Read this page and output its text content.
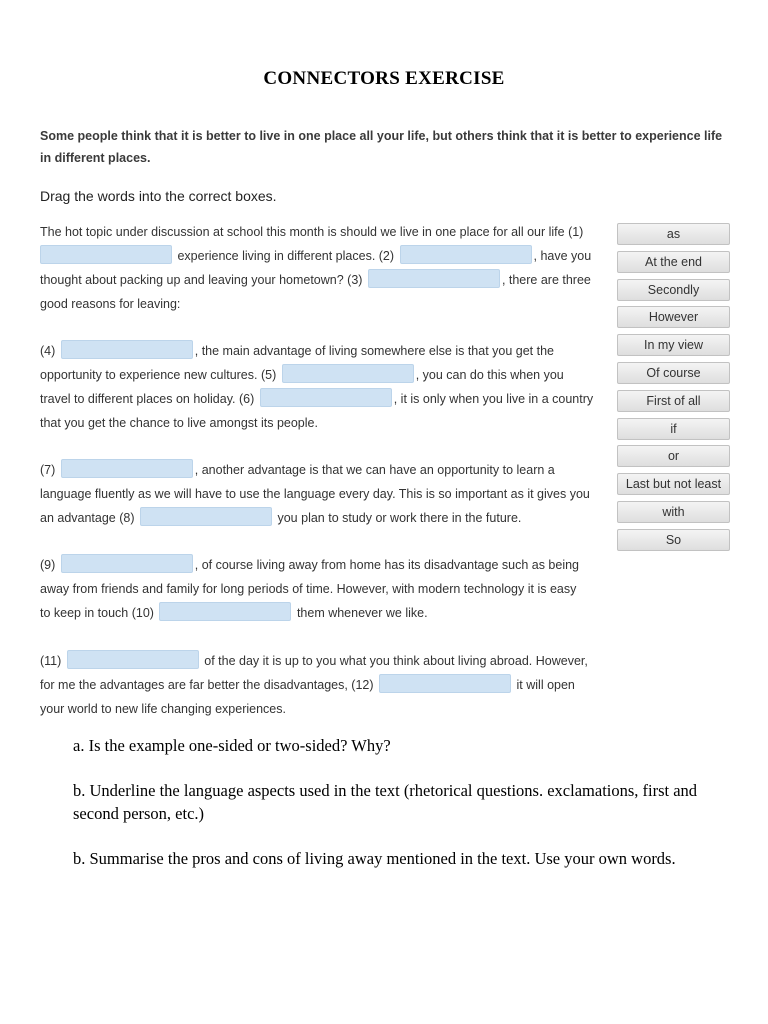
CONNECTORS EXERCISE
Some people think that it is better to live in one place all your life, but others think that it is better to experience life in different places.
Drag the words into the correct boxes.
The hot topic under discussion at school this month is should we live in one place for all our life (1)
experience living in different places. (2)	, have you
thought about packing up and leaving your hometown? (3)	, there are three
good reasons for leaving:
(4)	, the main advantage of living somewhere else is that you get the
opportunity to experience new cultures. (5)	, you can do this when you
travel to different places on holiday. (6)	, it is only when you live in a country
that you get the chance to live amongst its people.
(7)	, another advantage is that we can have an opportunity to learn a
language fluently as we will have to use the language every day. This is so important as it gives you
an advantage (8)	you plan to study or work there in the future.
(9)	, of course living away from home has its disadvantage such as being
away from friends and family for long periods of time. However, with modern technology it is easy
to keep in touch (10)	them whenever we like.
(11)	of the day it is up to you what you think about living abroad. However,
for me the advantages are far better the disadvantages, (12)	it will open
your world to new life changing experiences.
as
At the end
Secondly
However
In my view
Of course
First of all
if
or
Last but not least
with
So

a. Is the example one-sided or two-sided? Why?

b. Underline the language aspects used in the text (rhetorical questions. exclamations, first and second person, etc.)

b. Summarise the pros and cons of living away mentioned in the text. Use your own words.
